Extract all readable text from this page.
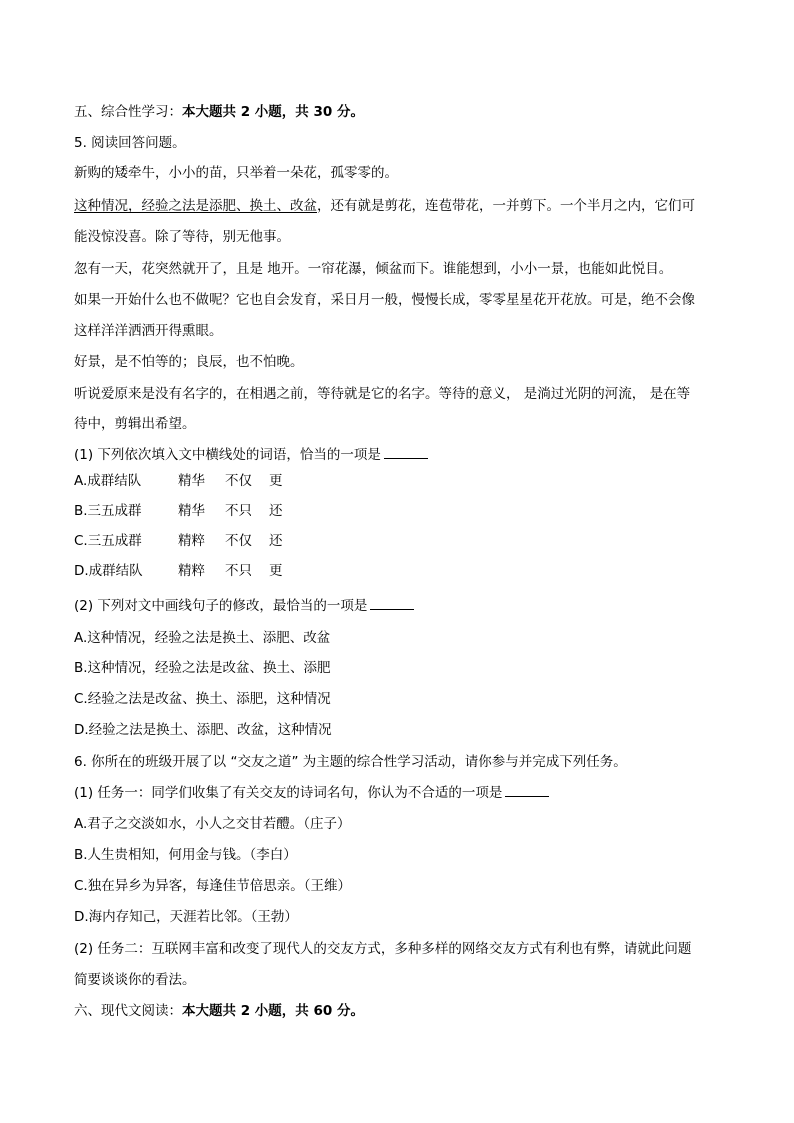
五、综合性学习：本大题共 2 小题，共 30 分。
5. 阅读回答问题。
新购的矮牵牛，小小的苗，只举着一朵花，孤零零的。
这种情况，经验之法是添肥、换土、改盆，还有就是剪花，连苞带花，一并剪下。一个半月之内，它们可
能没惊没喜。除了等待，别无他事。
忽有一天，花突然就开了，且是 地开。一帘花瀑，倾盆而下。谁能想到，小小一景，也能如此悦目。
如果一开始什么也不做呢？它也自会发育，采日月一般，慢慢长成，零零星星花开花放。可是，绝不会像
这样洋洋洒洒开得熏眼。
好景，是不怕等的；良辰，也不怕晚。
听说爱原来是没有名字的，在相遇之前，等待就是它的名字。等待的意义， 是淌过光阴的河流， 是在等
待中，剪辑出希望。
(1) 下列依次填入文中横线处的词语，恰当的一项是
A.成群结队	精华 不仅 更
B.三五成群	精华 不只 还
C.三五成群	精粹 不仅 还
D.成群结队	精粹 不只 更
(2) 下列对文中画线句子的修改，最恰当的一项是
A.这种情况，经验之法是换土、添肥、改盆
B.这种情况，经验之法是改盆、换土、添肥
C.经验之法是改盆、换土、添肥，这种情况
D.经验之法是换土、添肥、改盆，这种情况
6. 你所在的班级开展了以 “交友之道” 为主题的综合性学习活动，请你参与并完成下列任务。
(1) 任务一：同学们收集了有关交友的诗词名句，你认为不合适的一项是
A.君子之交淡如水，小人之交甘若醴。（庄子）
B.人生贵相知，何用金与钱。（李白）
C.独在异乡为异客，每逢佳节倍思亲。（王维）
D.海内存知己，天涯若比邻。（王勃）
(2) 任务二：互联网丰富和改变了现代人的交友方式，多种多样的网络交友方式有利也有弊，请就此问题
简要谈谈你的看法。
六、现代文阅读：本大题共 2 小题，共 60 分。
